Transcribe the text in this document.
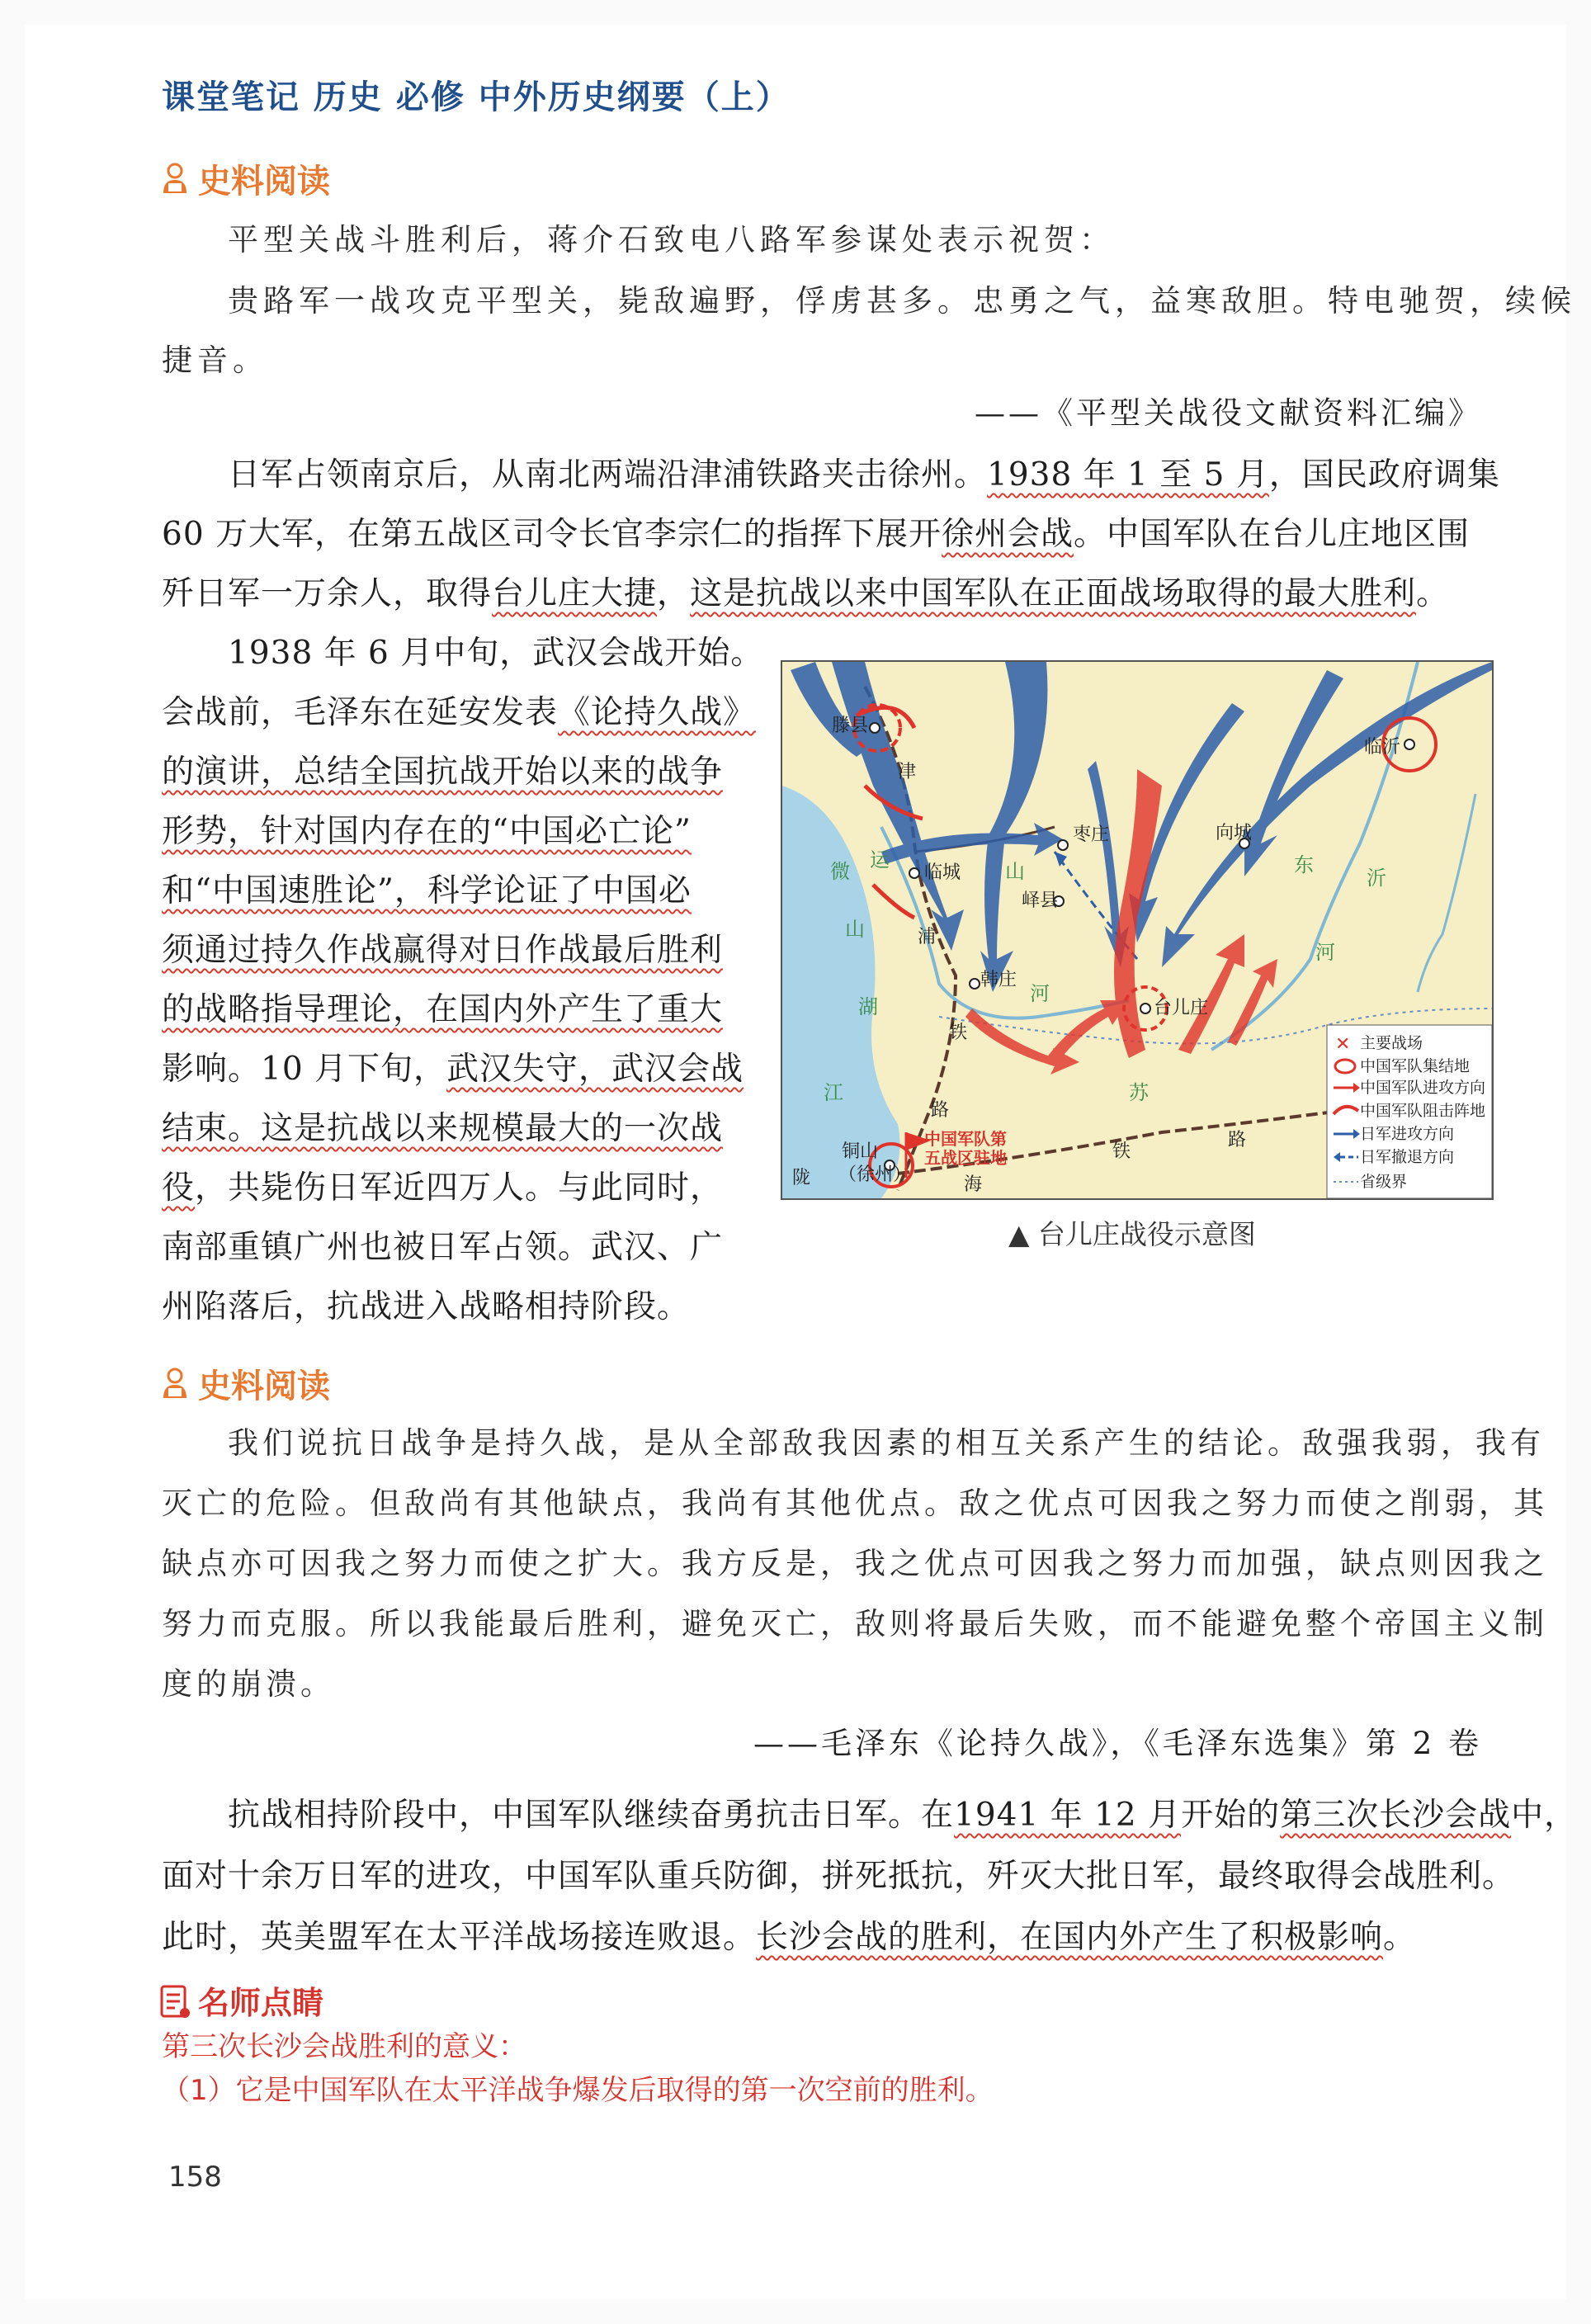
课堂笔记 历史 必修 中外历史纲要（上）
史料阅读
平型关战斗胜利后，蒋介石致电八路军参谋处表示祝贺：
贵路军一战攻克平型关，毙敌遍野，俘虏甚多。忠勇之气，益寒敌胆。特电驰贺，续候
捷音。
——《平型关战役文献资料汇编》
日军占领南京后，从南北两端沿津浦铁路夹击徐州。1938 年 1 至 5 月，国民政府调集
60 万大军，在第五战区司令长官李宗仁的指挥下展开徐州会战。中国军队在台儿庄地区围
歼日军一万余人，取得台儿庄大捷，这是抗战以来中国军队在正面战场取得的最大胜利。
1938 年 6 月中旬，武汉会战开始。
会战前，毛泽东在延安发表《论持久战》
的演讲，总结全国抗战开始以来的战争
形势，针对国内存在的“中国必亡论”
和“中国速胜论”，科学论证了中国必
须通过持久作战赢得对日作战最后胜利
的战略指导理论，在国内外产生了重大
影响。10 月下旬，武汉失守，武汉会战
结束。这是抗战以来规模最大的一次战
役，共毙伤日军近四万人。与此同时，
南部重镇广州也被日军占领。武汉、广
州陷落后，抗战进入战略相持阶段。
滕县
临沂
枣庄	向城
临城
峄县
韩庄
台儿庄
铜山
（徐州）
陇
微
山
湖
运
河
沂
东
河
山
江	苏
津
浦
铁
路
海
铁
路
中国军队第
五战区驻地
✕ 主要战场
中国军队集结地
中国军队进攻方向
中国军队阻击阵地
日军进攻方向
日军撤退方向
省级界
▲ 台儿庄战役示意图
史料阅读
我们说抗日战争是持久战，是从全部敌我因素的相互关系产生的结论。敌强我弱，我有
灭亡的危险。但敌尚有其他缺点，我尚有其他优点。敌之优点可因我之努力而使之削弱，其
缺点亦可因我之努力而使之扩大。我方反是，我之优点可因我之努力而加强，缺点则因我之
努力而克服。所以我能最后胜利，避免灭亡，敌则将最后失败，而不能避免整个帝国主义制
度的崩溃。
——毛泽东《论持久战》，《毛泽东选集》第 2 卷
抗战相持阶段中，中国军队继续奋勇抗击日军。在1941 年 12 月开始的第三次长沙会战中，
面对十余万日军的进攻，中国军队重兵防御，拼死抵抗，歼灭大批日军，最终取得会战胜利。
此时，英美盟军在太平洋战场接连败退。长沙会战的胜利，在国内外产生了积极影响。
名师点睛
第三次长沙会战胜利的意义：
（1）它是中国军队在太平洋战争爆发后取得的第一次空前的胜利。
158
